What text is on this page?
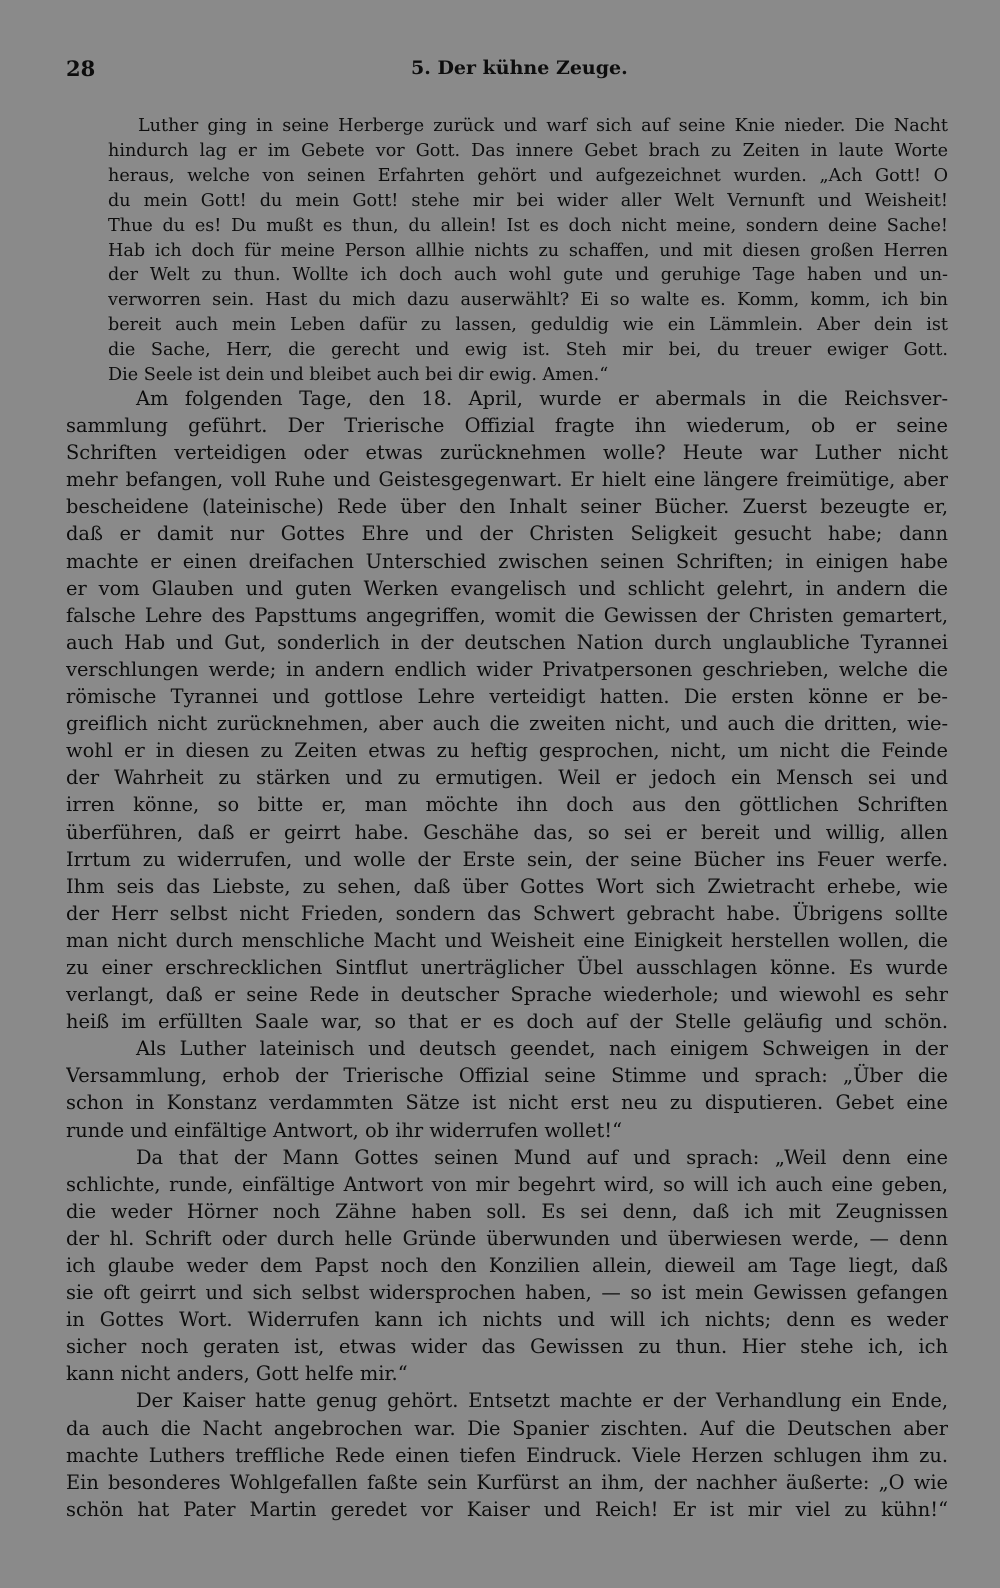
28	5. Der kühne Zeuge.
Luther ging in seine Herberge zurück und warf sich auf seine Knie nieder. Die Nacht
hindurch lag er im Gebete vor Gott. Das innere Gebet brach zu Zeiten in laute Worte
heraus, welche von seinen Erfahrten gehört und aufgezeichnet wurden. „Ach Gott! O
du mein Gott! du mein Gott! stehe mir bei wider aller Welt Vernunft und Weisheit!
Thue du es! Du mußt es thun, du allein! Ist es doch nicht meine, sondern deine Sache!
Hab ich doch für meine Person allhie nichts zu schaffen, und mit diesen großen Herren
der Welt zu thun. Wollte ich doch auch wohl gute und geruhige Tage haben und un-
verworren sein. Hast du mich dazu auserwählt? Ei so walte es. Komm, komm, ich bin
bereit auch mein Leben dafür zu lassen, geduldig wie ein Lämmlein. Aber dein ist
die Sache, Herr, die gerecht und ewig ist. Steh mir bei, du treuer ewiger Gott.
Die Seele ist dein und bleibet auch bei dir ewig. Amen.“
Am folgenden Tage, den 18. April, wurde er abermals in die Reichsver-
sammlung geführt. Der Trierische Offizial fragte ihn wiederum, ob er seine
Schriften verteidigen oder etwas zurücknehmen wolle? Heute war Luther nicht
mehr befangen, voll Ruhe und Geistesgegenwart. Er hielt eine längere freimütige, aber
bescheidene (lateinische) Rede über den Inhalt seiner Bücher. Zuerst bezeugte er,
daß er damit nur Gottes Ehre und der Christen Seligkeit gesucht habe; dann
machte er einen dreifachen Unterschied zwischen seinen Schriften; in einigen habe
er vom Glauben und guten Werken evangelisch und schlicht gelehrt, in andern die
falsche Lehre des Papsttums angegriffen, womit die Gewissen der Christen gemartert,
auch Hab und Gut, sonderlich in der deutschen Nation durch unglaubliche Tyrannei
verschlungen werde; in andern endlich wider Privatpersonen geschrieben, welche die
römische Tyrannei und gottlose Lehre verteidigt hatten. Die ersten könne er be-
greiflich nicht zurücknehmen, aber auch die zweiten nicht, und auch die dritten, wie-
wohl er in diesen zu Zeiten etwas zu heftig gesprochen, nicht, um nicht die Feinde
der Wahrheit zu stärken und zu ermutigen. Weil er jedoch ein Mensch sei und
irren könne, so bitte er, man möchte ihn doch aus den göttlichen Schriften
überführen, daß er geirrt habe. Geschähe das, so sei er bereit und willig, allen
Irrtum zu widerrufen, und wolle der Erste sein, der seine Bücher ins Feuer werfe.
Ihm seis das Liebste, zu sehen, daß über Gottes Wort sich Zwietracht erhebe, wie
der Herr selbst nicht Frieden, sondern das Schwert gebracht habe. Übrigens sollte
man nicht durch menschliche Macht und Weisheit eine Einigkeit herstellen wollen, die
zu einer erschrecklichen Sintflut unerträglicher Übel ausschlagen könne. Es wurde
verlangt, daß er seine Rede in deutscher Sprache wiederhole; und wiewohl es sehr
heiß im erfüllten Saale war, so that er es doch auf der Stelle geläufig und schön.
Als Luther lateinisch und deutsch geendet, nach einigem Schweigen in der
Versammlung, erhob der Trierische Offizial seine Stimme und sprach: „Über die
schon in Konstanz verdammten Sätze ist nicht erst neu zu disputieren. Gebet eine
runde und einfältige Antwort, ob ihr widerrufen wollet!“
Da that der Mann Gottes seinen Mund auf und sprach: „Weil denn eine
schlichte, runde, einfältige Antwort von mir begehrt wird, so will ich auch eine geben,
die weder Hörner noch Zähne haben soll. Es sei denn, daß ich mit Zeugnissen
der hl. Schrift oder durch helle Gründe überwunden und überwiesen werde, — denn
ich glaube weder dem Papst noch den Konzilien allein, dieweil am Tage liegt, daß
sie oft geirrt und sich selbst widersprochen haben, — so ist mein Gewissen gefangen
in Gottes Wort. Widerrufen kann ich nichts und will ich nichts; denn es weder
sicher noch geraten ist, etwas wider das Gewissen zu thun. Hier stehe ich, ich
kann nicht anders, Gott helfe mir.“
Der Kaiser hatte genug gehört. Entsetzt machte er der Verhandlung ein Ende,
da auch die Nacht angebrochen war. Die Spanier zischten. Auf die Deutschen aber
machte Luthers treffliche Rede einen tiefen Eindruck. Viele Herzen schlugen ihm zu.
Ein besonderes Wohlgefallen faßte sein Kurfürst an ihm, der nachher äußerte: „O wie
schön hat Pater Martin geredet vor Kaiser und Reich! Er ist mir viel zu kühn!“
